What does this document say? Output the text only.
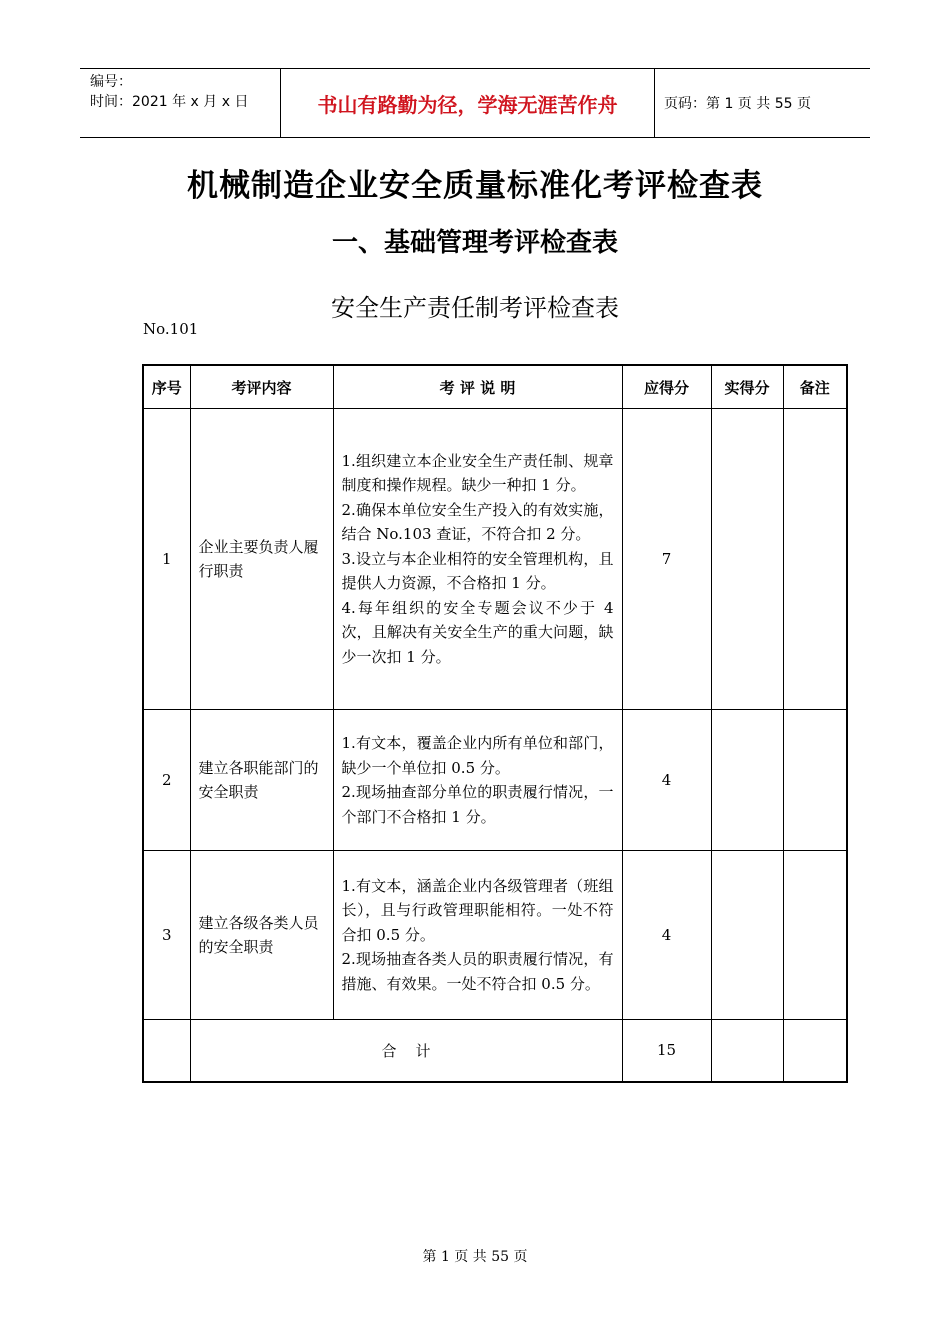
编号：
时间：2021 年 x 月 x 日	书山有路勤为径，学海无涯苦作舟	页码：第 1 页 共 55 页
机械制造企业安全质量标准化考评检查表
一、基础管理考评检查表
安全生产责任制考评检查表
No.101
序号	考评内容	考 评 说 明	应得分	实得分	备注
1	企业主要负责人履行职责	1.组织建立本企业安全生产责任制、规章制度和操作规程。缺少一种扣 1 分。
2.确保本单位安全生产投入的有效实施，结合 No.103 查证，不符合扣 2 分。
3.设立与本企业相符的安全管理机构，且提供人力资源，不合格扣 1 分。
4.每年组织的安全专题会议不少于 4 次，且解决有关安全生产的重大问题，缺少一次扣 1 分。	7		
2	建立各职能部门的安全职责	1.有文本，覆盖企业内所有单位和部门，缺少一个单位扣 0.5 分。
2.现场抽查部分单位的职责履行情况，一个部门不合格扣 1 分。	4		
3	建立各级各类人员的安全职责	1.有文本，涵盖企业内各级管理者（班组长），且与行政管理职能相符。一处不符合扣 0.5 分。
2.现场抽查各类人员的职责履行情况，有措施、有效果。一处不符合扣 0.5 分。	4		
	合    计		15		
第 1 页 共 55 页
